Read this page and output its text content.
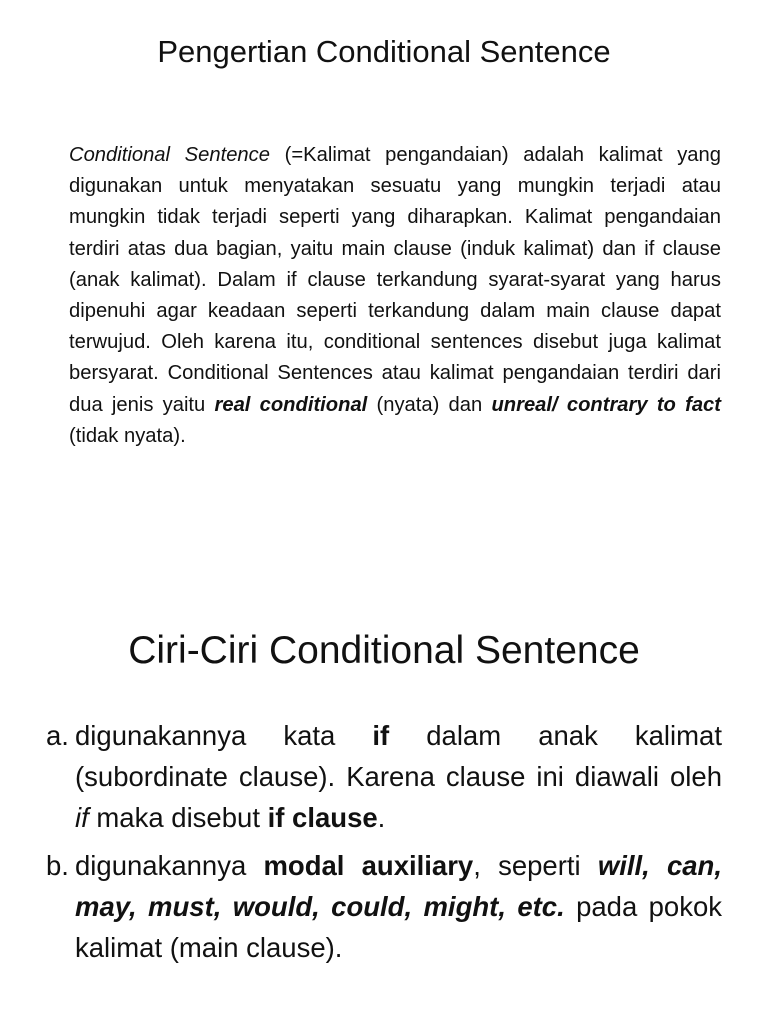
Pengertian Conditional Sentence

Conditional Sentence (=Kalimat pengandaian) adalah kalimat yang digunakan untuk menyatakan sesuatu yang mungkin terjadi atau mungkin tidak terjadi seperti yang diharapkan. Kalimat pengandaian terdiri atas dua bagian, yaitu main clause (induk kalimat) dan if clause (anak kalimat). Dalam if clause terkandung syarat-syarat yang harus dipenuhi agar keadaan seperti terkandung dalam main clause dapat terwujud. Oleh karena itu, conditional sentences disebut juga kalimat bersyarat. Conditional Sentences atau kalimat pengandaian terdiri dari dua jenis yaitu real conditional (nyata) dan unreal/ contrary to fact (tidak nyata).

Ciri-Ciri Conditional Sentence
a. digunakannya kata if dalam anak kalimat (subordinate clause). Karena clause ini diawali oleh if maka disebut if clause.
b. digunakannya modal auxiliary, seperti will, can, may, must, would, could, might, etc. pada pokok kalimat (main clause).
